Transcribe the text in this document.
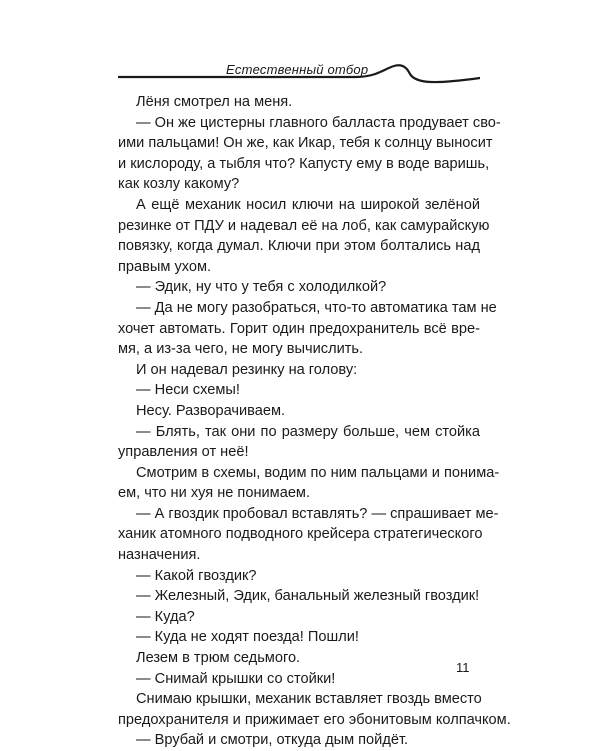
Естественный отбор
Лёня смотрел на меня.
— Он же цистерны главного балласта продувает сво-
ими пальцами! Он же, как Икар, тебя к солнцу выносит
и кислороду, а тыбля что? Капусту ему в воде варишь,
как козлу какому?
А ещё механик носил ключи на широкой зелёной
резинке от ПДУ и надевал её на лоб, как самурайскую
повязку, когда думал. Ключи при этом болтались над
правым ухом.
— Эдик, ну что у тебя с холодилкой?
— Да не могу разобраться, что-то автоматика там не
хочет автомать. Горит один предохранитель всё вре-
мя, а из-за чего, не могу вычислить.
И он надевал резинку на голову:
— Неси схемы!
Несу. Разворачиваем.
— Блять, так они по размеру больше, чем стойка
управления от неё!
Смотрим в схемы, водим по ним пальцами и понима-
ем, что ни хуя не понимаем.
— А гвоздик пробовал вставлять? — спрашивает ме-
ханик атомного подводного крейсера стратегического
назначения.
— Какой гвоздик?
— Железный, Эдик, банальный железный гвоздик!
— Куда?
— Куда не ходят поезда! Пошли!
Лезем в трюм седьмого.
— Снимай крышки со стойки!
Снимаю крышки, механик вставляет гвоздь вместо
предохранителя и прижимает его эбонитовым колпачком.
— Врубай и смотри, откуда дым пойдёт.
11
